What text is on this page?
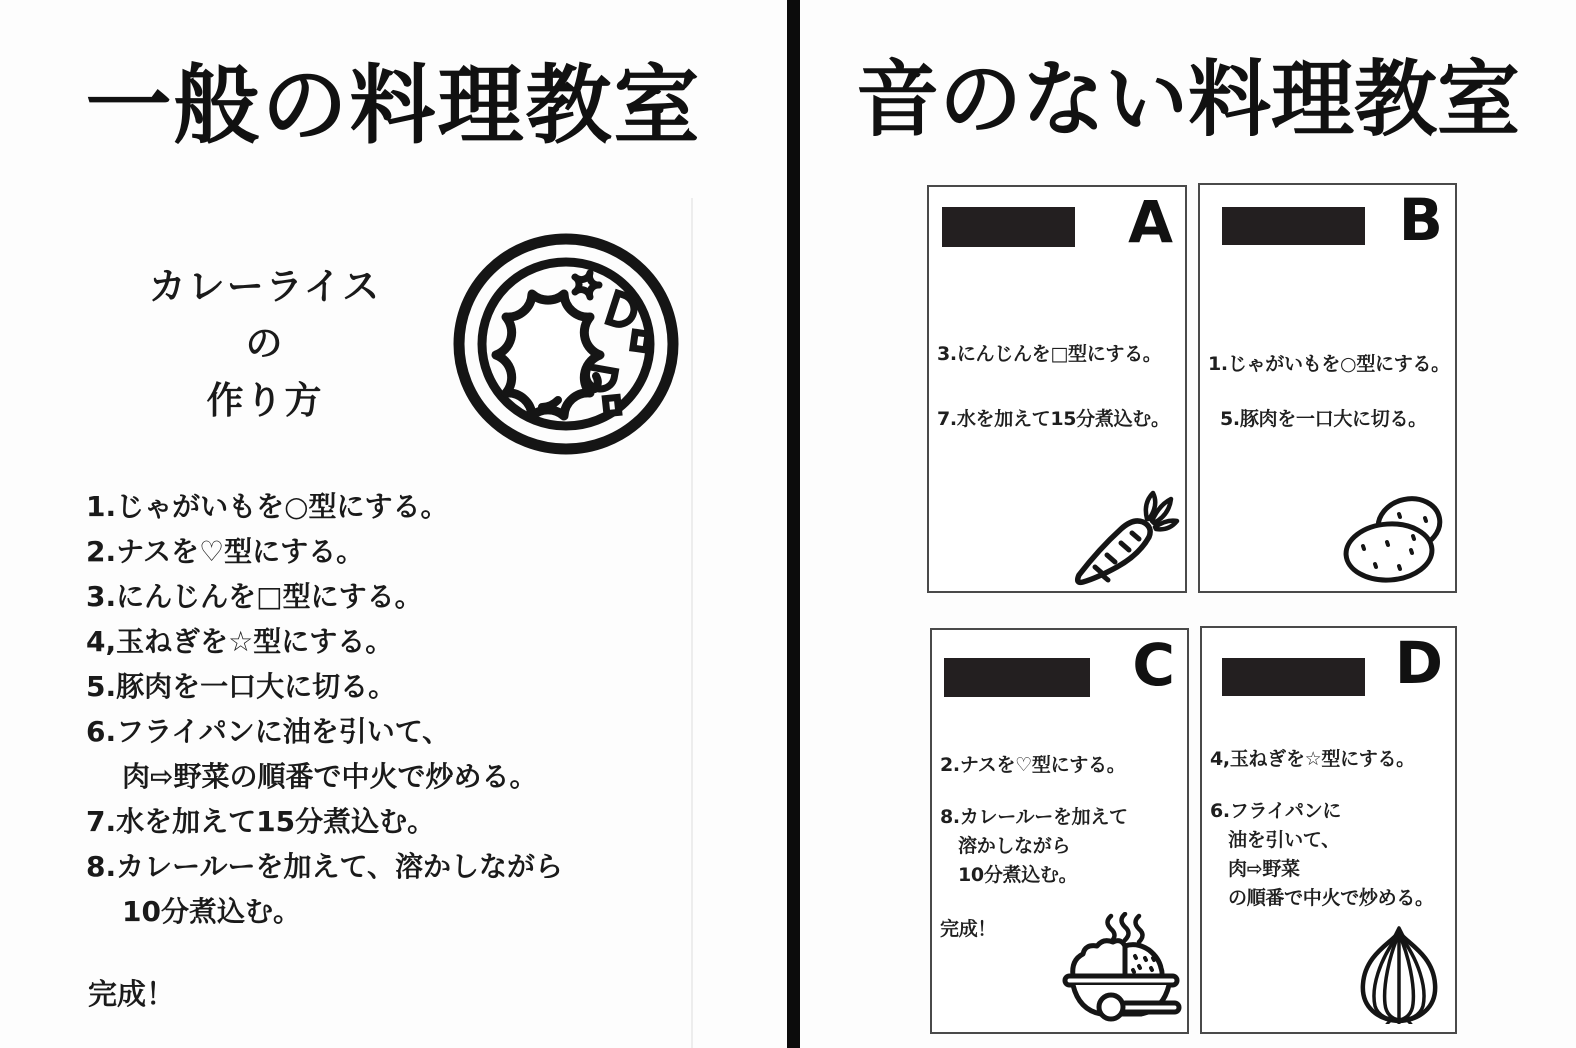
一般の料理教室
カレーライス
の
作り方
1.じゃがいもを○型にする。
2.ナスを♡型にする。
3.にんじんを□型にする。
4,玉ねぎを☆型にする。
5.豚肉を一口大に切る。
6.フライパンに油を引いて、
肉⇨野菜の順番で中火で炒める。
7.水を加えて15分煮込む。
8.カレールーを加えて、溶かしながら
10分煮込む。
完成！
音のない料理教室
A
3.にんじんを□型にする。
7.水を加えて15分煮込む。
B
1.じゃがいもを○型にする。
5.豚肉を一口大に切る。
C
2.ナスを♡型にする。
8.カレールーを加えて
溶かしながら
10分煮込む。
完成！
D
4,玉ねぎを☆型にする。
6.フライパンに
油を引いて、
肉⇨野菜
の順番で中火で炒める。
